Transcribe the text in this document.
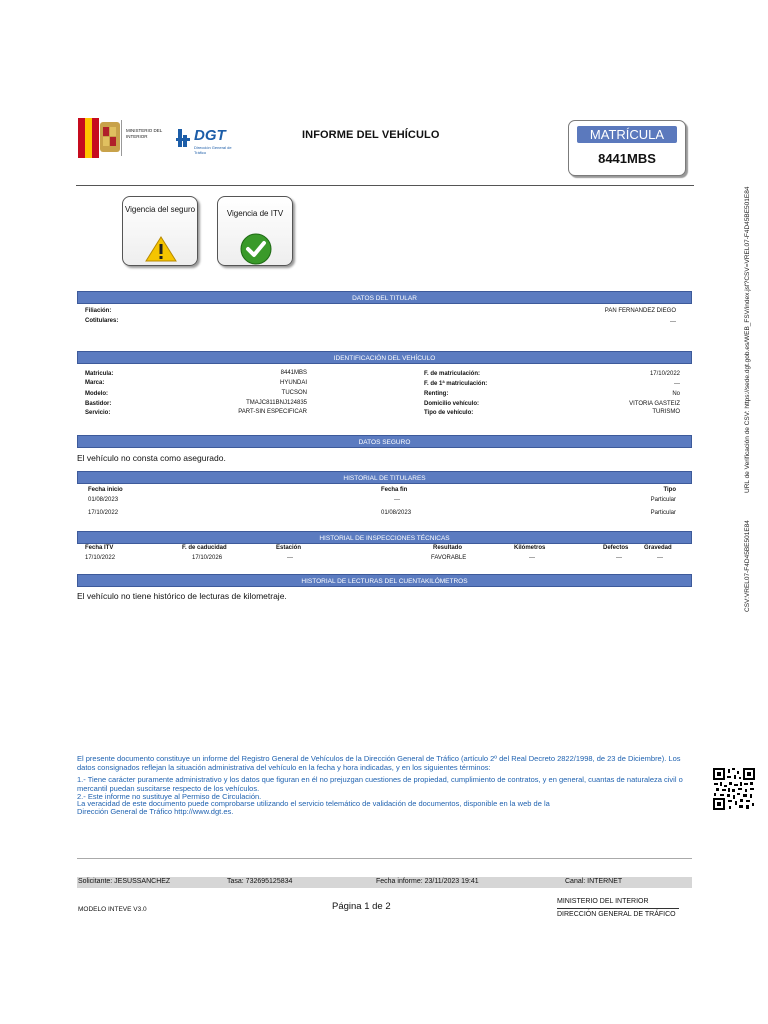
MINISTERIO DEL INTERIOR	DGT
Dirección General de Tráfico
INFORME DEL VEHÍCULO	MATRÍCULA
8441MBS
Vigencia del seguro	Vigencia de ITV
DATOS DEL TITULAR
Filiación:	PAN FERNANDEZ DIEGO
Cotitulares:	---
IDENTIFICACIÓN DEL VEHÍCULO
Matricula:	8441MBS
Marca:	HYUNDAI
Modelo:	TUCSON
Bastidor:	TMAJC811BNJ124835
Servicio:	PART-SIN ESPECIFICAR
F. de matriculación:	17/10/2022
F. de 1ª matriculación:	---
Renting:	No
Domicilio vehículo:	VITORIA GASTEIZ
Tipo de vehículo:	TURISMO
DATOS SEGURO
El vehículo no consta como asegurado.
HISTORIAL DE TITULARES
Fecha inicio	Fecha fin	Tipo
01/08/2023	---	Particular
17/10/2022	01/08/2023	Particular
HISTORIAL DE INSPECCIONES TÉCNICAS
Fecha ITV	F. de caducidad	Estación	Resultado	Kilómetros	Defectos	Gravedad
17/10/2022	17/10/2026	---	FAVORABLE	---	---	---
HISTORIAL DE LECTURAS DEL CUENTAKILÓMETROS
El vehículo no tiene histórico de lecturas de kilometraje.
El presente documento constituye un informe del Registro General de Vehículos de la Dirección General de Tráfico (artículo 2º del Real Decreto 2822/1998, de 23 de Diciembre). Los datos consignados reflejan la situación administrativa del vehículo en la fecha y hora indicadas, y en los siguientes términos:
1.- Tiene carácter puramente administrativo y los datos que figuran en él no prejuzgan cuestiones de propiedad, cumplimiento de contratos, y en general, cuantas de naturaleza civil o mercantil puedan suscitarse respecto de los vehículos.
2.- Este informe no sustituye al Permiso de Circulación.
La veracidad de este documento puede comprobarse utilizando el servicio telemático de validación de documentos, disponible en la web de la
Dirección General de Tráfico http://www.dgt.es.
CSV:VREL07-F4D45BE501E84
URL de Verificación de CSV: https://sede.dgt.gob.es/WEB_FSV/index.jsf?CSV=VREL07-F4D45BE501E84
Solicitante: JESUSSANCHEZ	Tasa: 732695125834	Fecha informe: 23/11/2023 19:41	Canal: INTERNET
Página 1 de 2
MODELO INTEVE V3.0
MINISTERIO DEL INTERIOR
DIRECCIÓN GENERAL DE TRÁFICO
